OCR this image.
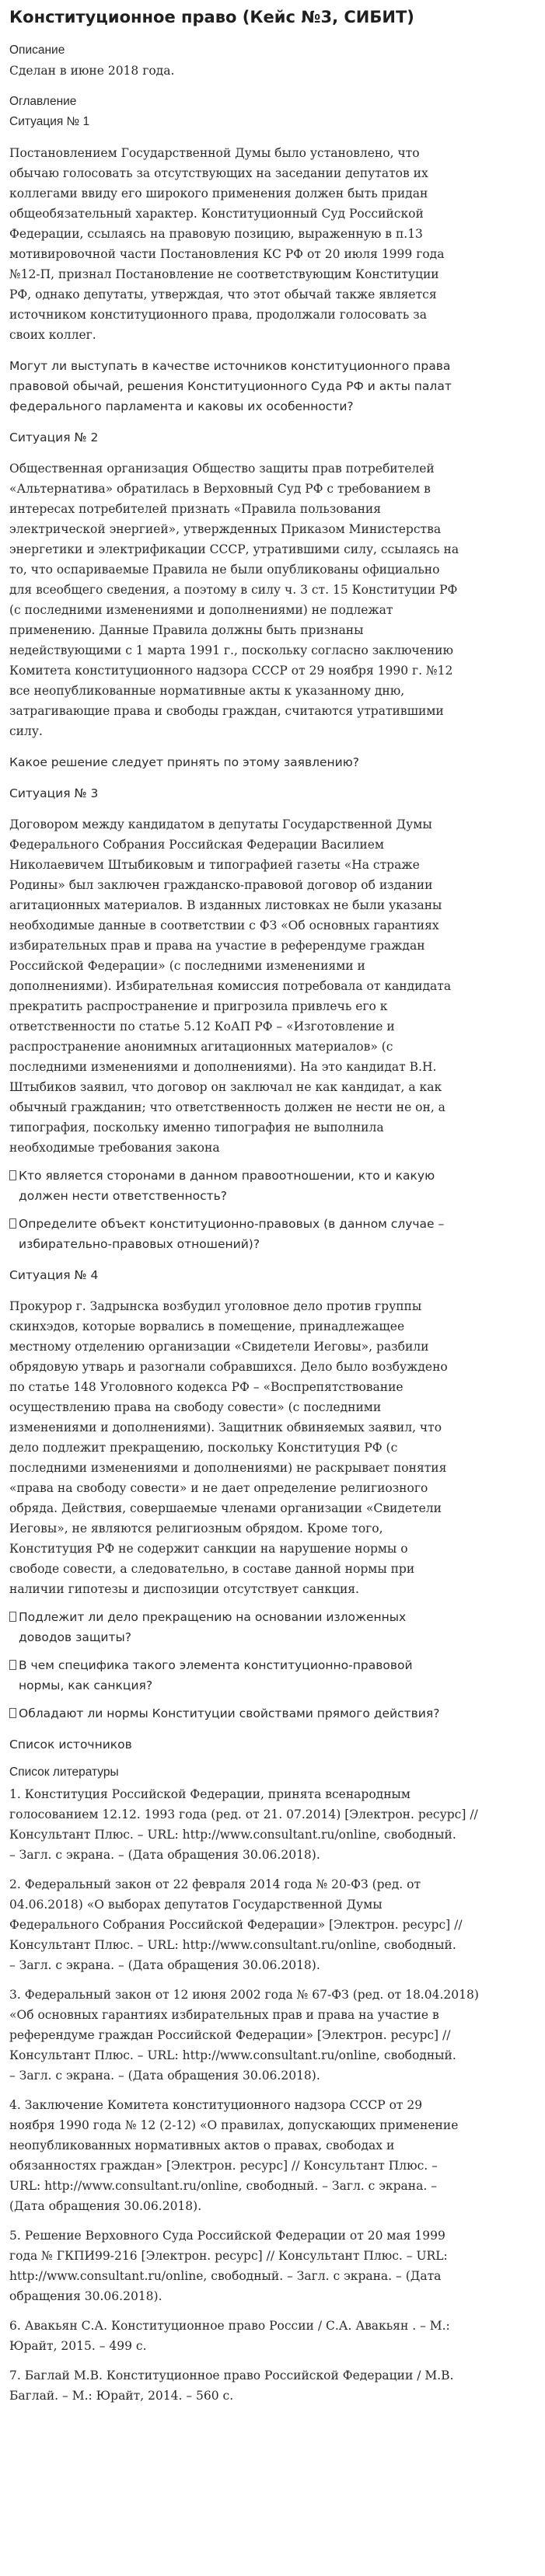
Конституционное право (Кейс №3, СИБИТ)
Описание
Сделан в июне 2018 года.
Оглавление
Ситуация № 1
Постановлением Государственной Думы было установлено, что
обычаю голосовать за отсутствующих на заседании депутатов их
коллегами ввиду его широкого применения должен быть придан
общеобязательный характер. Конституционный Суд Российской
Федерации, ссылаясь на правовую позицию, выраженную в п.13
мотивировочной части Постановления КС РФ от 20 июля 1999 года
№12-П, признал Постановление не соответствующим Конституции
РФ, однако депутаты, утверждая, что этот обычай также является
источником конституционного права, продолжали голосовать за
своих коллег.
Могут ли выступать в качестве источников конституционного права
правовой обычай, решения Конституционного Суда РФ и акты палат
федерального парламента и каковы их особенности?
Ситуация № 2
Общественная организация Общество защиты прав потребителей
«Альтернатива» обратилась в Верховный Суд РФ с требованием в
интересах потребителей признать «Правила пользования
электрической энергией», утвержденных Приказом Министерства
энергетики и электрификации СССР, утратившими силу, ссылаясь на
то, что оспариваемые Правила не были опубликованы официально
для всеобщего сведения, а поэтому в силу ч. 3 ст. 15 Конституции РФ
(с последними изменениями и дополнениями) не подлежат
применению. Данные Правила должны быть признаны
недействующими с 1 марта 1991 г., поскольку согласно заключению
Комитета конституционного надзора СССР от 29 ноября 1990 г. №12
все неопубликованные нормативные акты к указанному дню,
затрагивающие права и свободы граждан, считаются утратившими
силу.
Какое решение следует принять по этому заявлению?
Ситуация № 3
Договором между кандидатом в депутаты Государственной Думы
Федерального Собрания Российская Федерации Василием
Николаевичем Штыбиковым и типографией газеты «На страже
Родины» был заключен гражданско-правовой договор об издании
агитационных материалов. В изданных листовках не были указаны
необходимые данные в соответствии с ФЗ «Об основных гарантиях
избирательных прав и права на участие в референдуме граждан
Российской Федерации» (с последними изменениями и
дополнениями). Избирательная комиссия потребовала от кандидата
прекратить распространение и пригрозила привлечь его к
ответственности по статье 5.12 КоАП РФ – «Изготовление и
распространение анонимных агитационных материалов» (с
последними изменениями и дополнениями). На это кандидат В.Н.
Штыбиков заявил, что договор он заключал не как кандидат, а как
обычный гражданин; что ответственность должен не нести не он, а
типография, поскольку именно типография не выполнила
необходимые требования закона
Кто является сторонами в данном правоотношении, кто и какую
должен нести ответственность?
Определите объект конституционно-правовых (в данном случае –
избирательно-правовых отношений)?
Ситуация № 4
Прокурор г. Задрынска возбудил уголовное дело против группы
скинхэдов, которые ворвались в помещение, принадлежащее
местному отделению организации «Свидетели Иеговы», разбили
обрядовую утварь и разогнали собравшихся. Дело было возбуждено
по статье 148 Уголовного кодекса РФ – «Воспрепятствование
осуществлению права на свободу совести» (с последними
изменениями и дополнениями). Защитник обвиняемых заявил, что
дело подлежит прекращению, поскольку Конституция РФ (с
последними изменениями и дополнениями) не раскрывает понятия
«права на свободу совести» и не дает определение религиозного
обряда. Действия, совершаемые членами организации «Свидетели
Иеговы», не являются религиозным обрядом. Кроме того,
Конституция РФ не содержит санкции на нарушение нормы о
свободе совести, а следовательно, в составе данной нормы при
наличии гипотезы и диспозиции отсутствует санкция.
Подлежит ли дело прекращению на основании изложенных
доводов защиты?
В чем специфика такого элемента конституционно-правовой
нормы, как санкция?
Обладают ли нормы Конституции свойствами прямого действия?
Список источников
Список литературы
1. Конституция Российской Федерации, принята всенародным
голосованием 12.12. 1993 года (ред. от 21. 07.2014) [Электрон. ресурс] //
Консультант Плюс. – URL: http://www.consultant.ru/online, свободный.
– Загл. с экрана. – (Дата обращения 30.06.2018).
2. Федеральный закон от 22 февраля 2014 года № 20-ФЗ (ред. от
04.06.2018) «О выборах депутатов Государственной Думы
Федерального Собрания Российской Федерации» [Электрон. ресурс] //
Консультант Плюс. – URL: http://www.consultant.ru/online, свободный.
– Загл. с экрана. – (Дата обращения 30.06.2018).
3. Федеральный закон от 12 июня 2002 года № 67-ФЗ (ред. от 18.04.2018)
«Об основных гарантиях избирательных прав и права на участие в
референдуме граждан Российской Федерации» [Электрон. ресурс] //
Консультант Плюс. – URL: http://www.consultant.ru/online, свободный.
– Загл. с экрана. – (Дата обращения 30.06.2018).
4. Заключение Комитета конституционного надзора СССР от 29
ноября 1990 года № 12 (2-12) «О правилах, допускающих применение
неопубликованных нормативных актов о правах, свободах и
обязанностях граждан» [Электрон. ресурс] // Консультант Плюс. –
URL: http://www.consultant.ru/online, свободный. – Загл. с экрана. –
(Дата обращения 30.06.2018).
5. Решение Верховного Суда Российской Федерации от 20 мая 1999
года № ГКПИ99-216 [Электрон. ресурс] // Консультант Плюс. – URL:
http://www.consultant.ru/online, свободный. – Загл. с экрана. – (Дата
обращения 30.06.2018).
6. Авакьян С.А. Конституционное право России / С.А. Авакьян . – М.:
Юрайт, 2015. – 499 с.
7. Баглай М.В. Конституционное право Российской Федерации / М.В.
Баглай. – М.: Юрайт, 2014. – 560 с.
